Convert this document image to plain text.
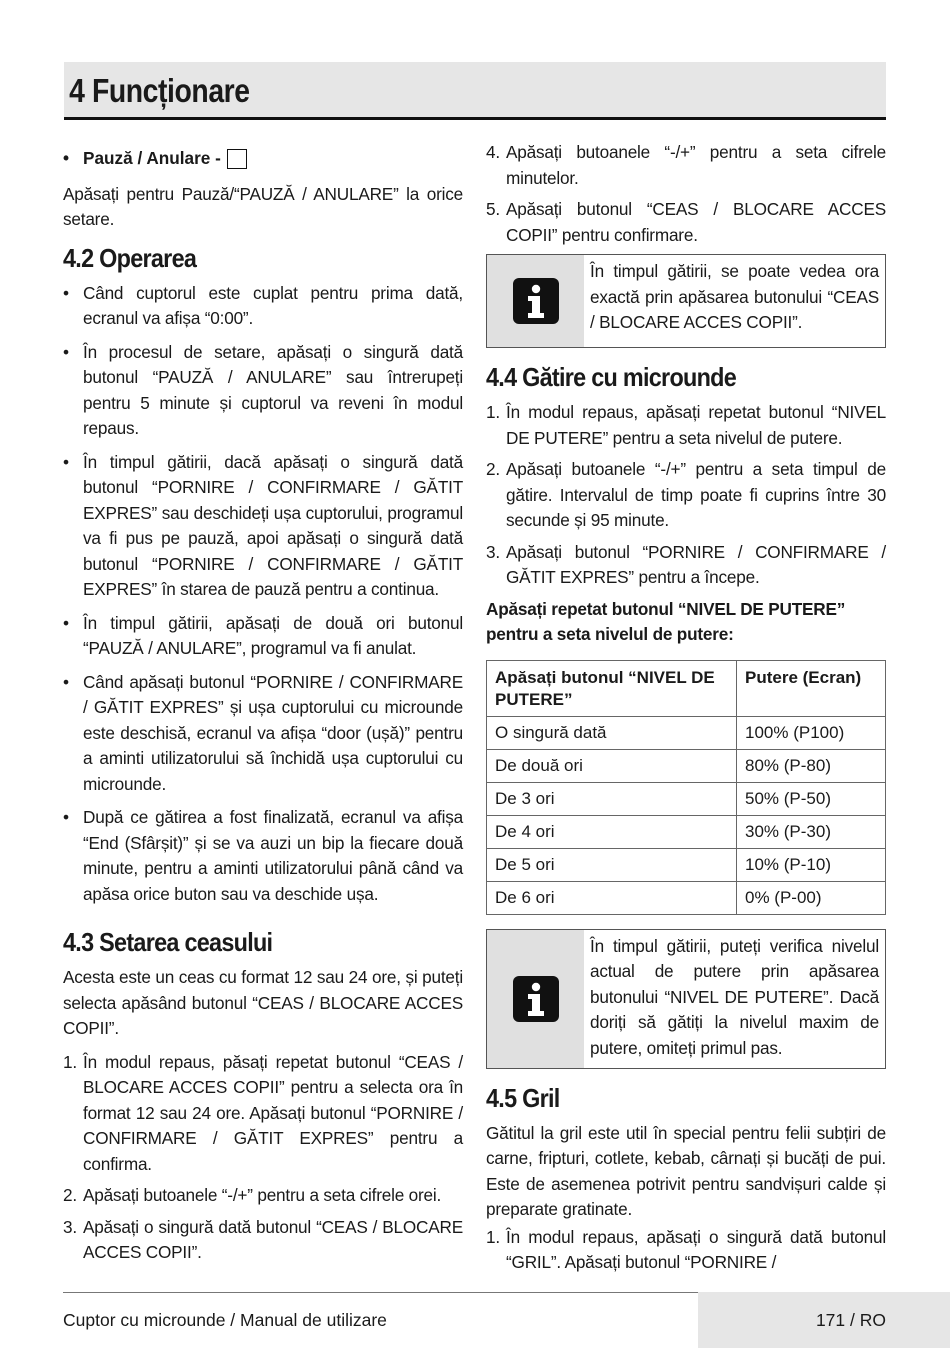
4 Funcționare
• Pauză / Anulare -

Apăsați pentru Pauză/“PAUZĂ / ANULARE” la orice setare.

4.2 Operarea
• Când cuptorul este cuplat pentru prima dată, ecranul va afișa “0:00”.
• În procesul de setare, apăsați o singură dată butonul “PAUZĂ / ANULARE” sau întrerupeți pentru 5 minute și cuptorul va reveni în modul repaus.
• În timpul gătirii, dacă apăsați o singură dată butonul “PORNIRE / CONFIRMARE / GĂTIT EXPRES” sau deschideți ușa cuptorului, programul va fi pus pe pauză, apoi apăsați o singură dată butonul “PORNIRE / CONFIRMARE / GĂTIT EXPRES” în starea de pauză pentru a continua.
• În timpul gătirii, apăsați de două ori butonul “PAUZĂ / ANULARE”, programul va fi anulat.
• Când apăsați butonul “PORNIRE / CONFIRMARE / GĂTIT EXPRES” și ușa cuptorului cu microunde este deschisă, ecranul va afișa “door (ușă)” pentru a aminti utilizatorului să închidă ușa cuptorului cu microunde.
• După ce gătirea a fost finalizată, ecranul va afișa “End (Sfârșit)” și se va auzi un bip la fiecare două minute, pentru a aminti utilizatorului până când va apăsa orice buton sau va deschide ușa.
4.3 Setarea ceasului

Acesta este un ceas cu format 12 sau 24 ore, și puteți selecta apăsând butonul “CEAS / BLOCARE ACCES COPII”.

1. În modul repaus, păsați repetat butonul “CEAS / BLOCARE ACCES COPII” pentru a selecta ora în format 12 sau 24 ore. Apăsați butonul “PORNIRE / CONFIRMARE / GĂTIT EXPRES” pentru a confirma.
2. Apăsați butoanele “-/+” pentru a seta cifrele orei.
3. Apăsați o singură dată butonul “CEAS / BLOCARE ACCES COPII”.
4. Apăsați butoanele “-/+” pentru a seta cifrele minutelor.
5. Apăsați butonul “CEAS / BLOCARE ACCES COPII” pentru confirmare.
În timpul gătirii, se poate vedea ora exactă prin apăsarea butonului “CEAS / BLOCARE ACCES COPII”.
4.4 Gătire cu microunde
1. În modul repaus, apăsați repetat butonul “NIVEL DE PUTERE” pentru a seta nivelul de putere.
2. Apăsați butoanele “-/+” pentru a seta timpul de gătire. Intervalul de timp poate fi cuprins între 30 secunde și 95 minute.
3. Apăsați butonul “PORNIRE / CONFIRMARE / GĂTIT EXPRES” pentru a începe.

Apăsați repetat butonul “NIVEL DE PUTERE” pentru a seta nivelul de putere:

Apăsați butonul “NIVEL DE PUTERE”	Putere (Ecran)
O singură dată	100% (P100)
De două ori	80% (P-80)
De 3 ori	50% (P-50)
De 4 ori	30% (P-30)
De 5 ori	10% (P-10)
De 6 ori	0% (P-00)
În timpul gătirii, puteți verifica nivelul actual de putere prin apăsarea butonului “NIVEL DE PUTERE”. Dacă doriți să gătiți la nivelul maxim de putere, omiteți primul pas.
4.5 Gril

Gătitul la gril este util în special pentru felii subțiri de carne, fripturi, cotlete, kebab, cârnați și bucăți de pui. Este de asemenea potrivit pentru sandvișuri calde și preparate gratinate.

1. În modul repaus, apăsați o singură dată butonul “GRIL”. Apăsați butonul “PORNIRE /
Cuptor cu microunde / Manual de utilizare	171 / RO
